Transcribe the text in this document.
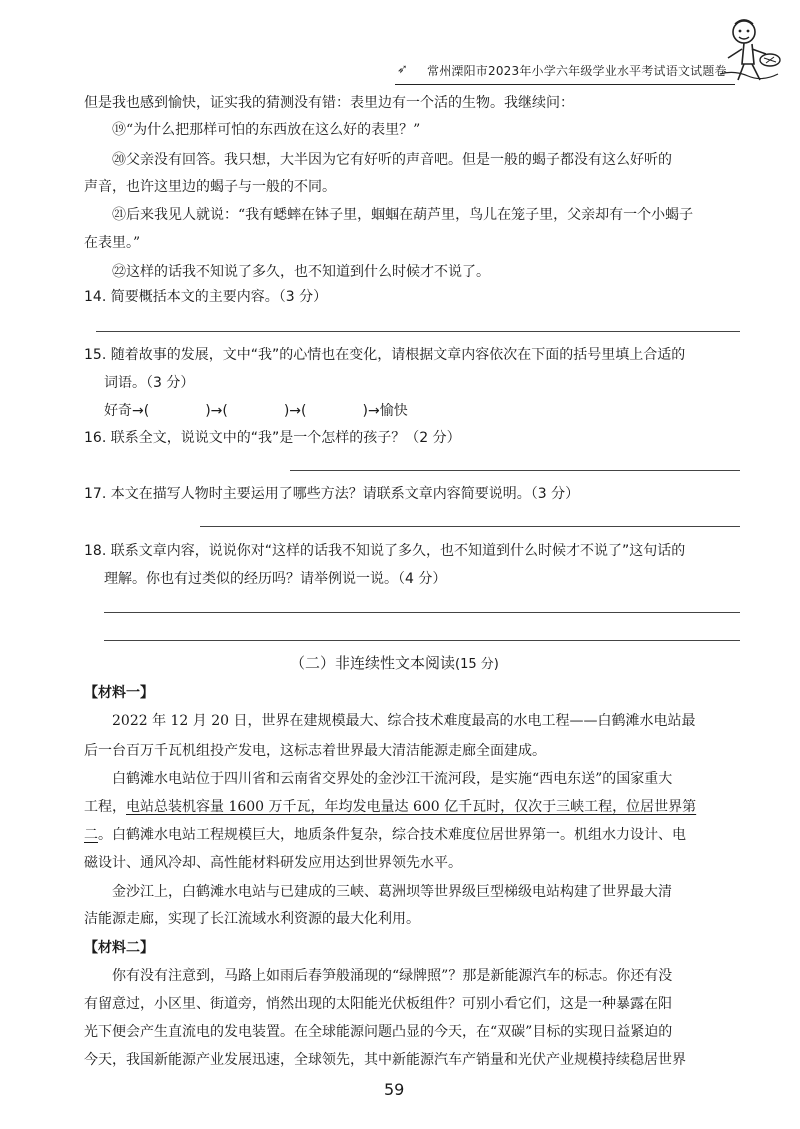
➶ 常州溧阳市2023年小学六年级学业水平考试语文试题卷
但是我也感到愉快，证实我的猜测没有错：表里边有一个活的生物。我继续问：
⑲“为什么把那样可怕的东西放在这么好的表里？”
⑳父亲没有回答。我只想，大半因为它有好听的声音吧。但是一般的蝎子都没有这么好听的
声音，也许这里边的蝎子与一般的不同。
㉑后来我见人就说：“我有蟋蟀在钵子里，蝈蝈在葫芦里，鸟儿在笼子里，父亲却有一个小蝎子
在表里。”
㉒这样的话我不知说了多久，也不知道到什么时候才不说了。
14. 简要概括本文的主要内容。（3 分）
15. 随着故事的发展，文中“我”的心情也在变化，请根据文章内容依次在下面的括号里填上合适的
词语。（3 分）
好奇→(　　　　)→(　　　　)→(　　　　)→愉快
16. 联系全文，说说文中的“我”是一个怎样的孩子？（2 分）
17. 本文在描写人物时主要运用了哪些方法？请联系文章内容简要说明。（3 分）
18. 联系文章内容，说说你对“这样的话我不知说了多久，也不知道到什么时候才不说了”这句话的
理解。你也有过类似的经历吗？请举例说一说。（4 分）
（二）非连续性文本阅读(15 分)
【材料一】
2022 年 12 月 20 日，世界在建规模最大、综合技术难度最高的水电工程——白鹤滩水电站最
后一台百万千瓦机组投产发电，这标志着世界最大清洁能源走廊全面建成。
白鹤滩水电站位于四川省和云南省交界处的金沙江干流河段，是实施“西电东送”的国家重大
工程，电站总装机容量 1600 万千瓦，年均发电量达 600 亿千瓦时，仅次于三峡工程，位居世界第
二。白鹤滩水电站工程规模巨大，地质条件复杂，综合技术难度位居世界第一。机组水力设计、电
磁设计、通风冷却、高性能材料研发应用达到世界领先水平。
金沙江上，白鹤滩水电站与已建成的三峡、葛洲坝等世界级巨型梯级电站构建了世界最大清
洁能源走廊，实现了长江流域水利资源的最大化利用。
【材料二】
你有没有注意到，马路上如雨后春笋般涌现的“绿牌照”？那是新能源汽车的标志。你还有没
有留意过，小区里、街道旁，悄然出现的太阳能光伏板组件？可别小看它们，这是一种暴露在阳
光下便会产生直流电的发电装置。在全球能源问题凸显的今天，在“双碳”目标的实现日益紧迫的
今天，我国新能源产业发展迅速，全球领先，其中新能源汽车产销量和光伏产业规模持续稳居世界
59
